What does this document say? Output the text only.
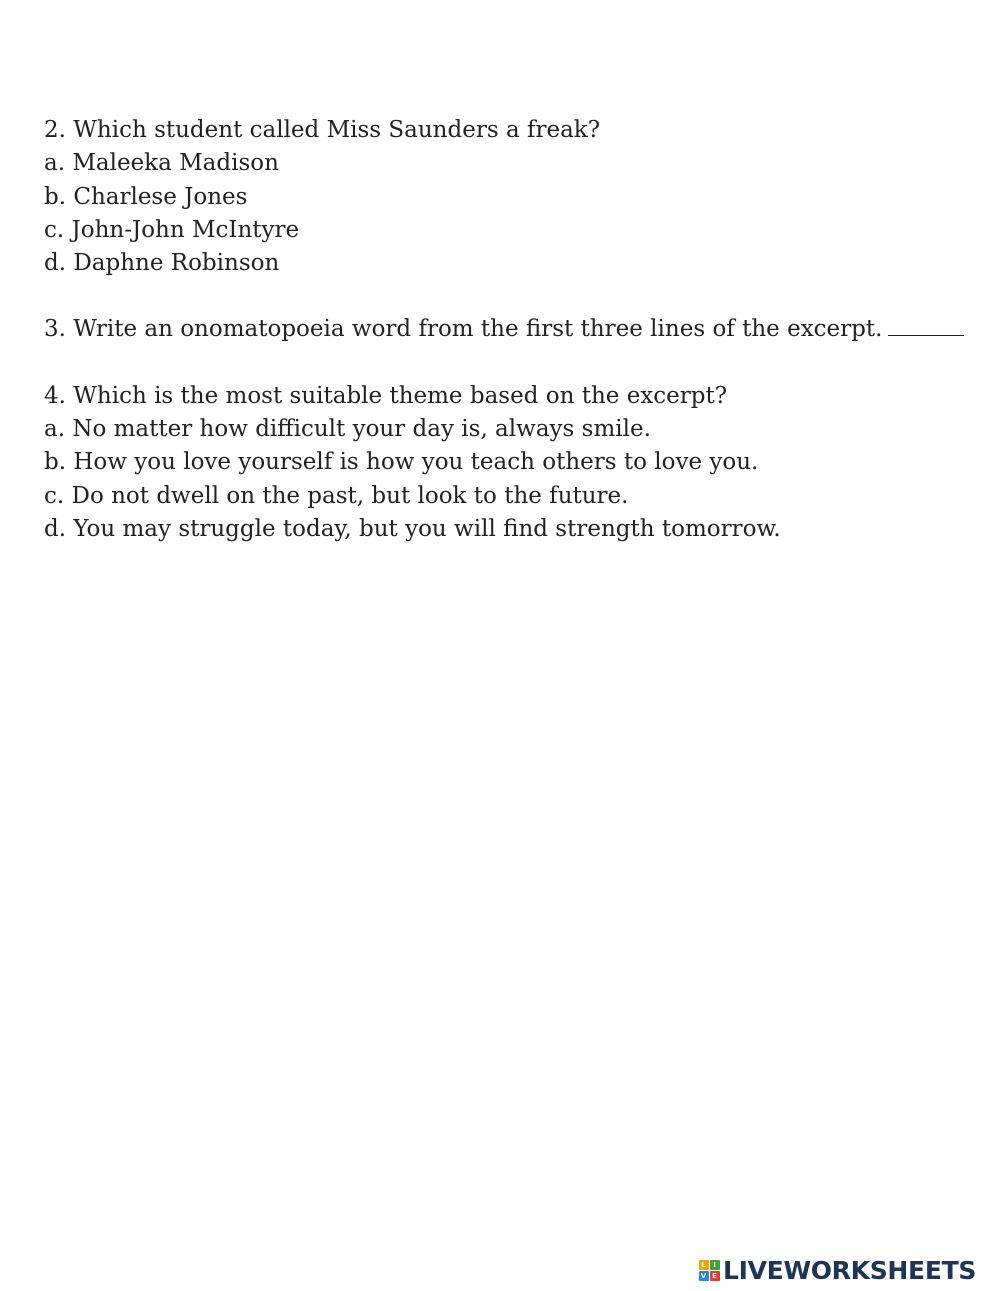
2. Which student called Miss Saunders a freak?

a. Maleeka Madison

b. Charlese Jones

c. John-John McIntyre

d. Daphne Robinson

3. Write an onomatopoeia word from the first three lines of the excerpt.

4. Which is the most suitable theme based on the excerpt?

a. No matter how difficult your day is, always smile.

b. How you love yourself is how you teach others to love you.

c. Do not dwell on the past, but look to the future.

d. You may struggle today, but you will find strength tomorrow.

L	I
V E LIVEWORKSHEETS
